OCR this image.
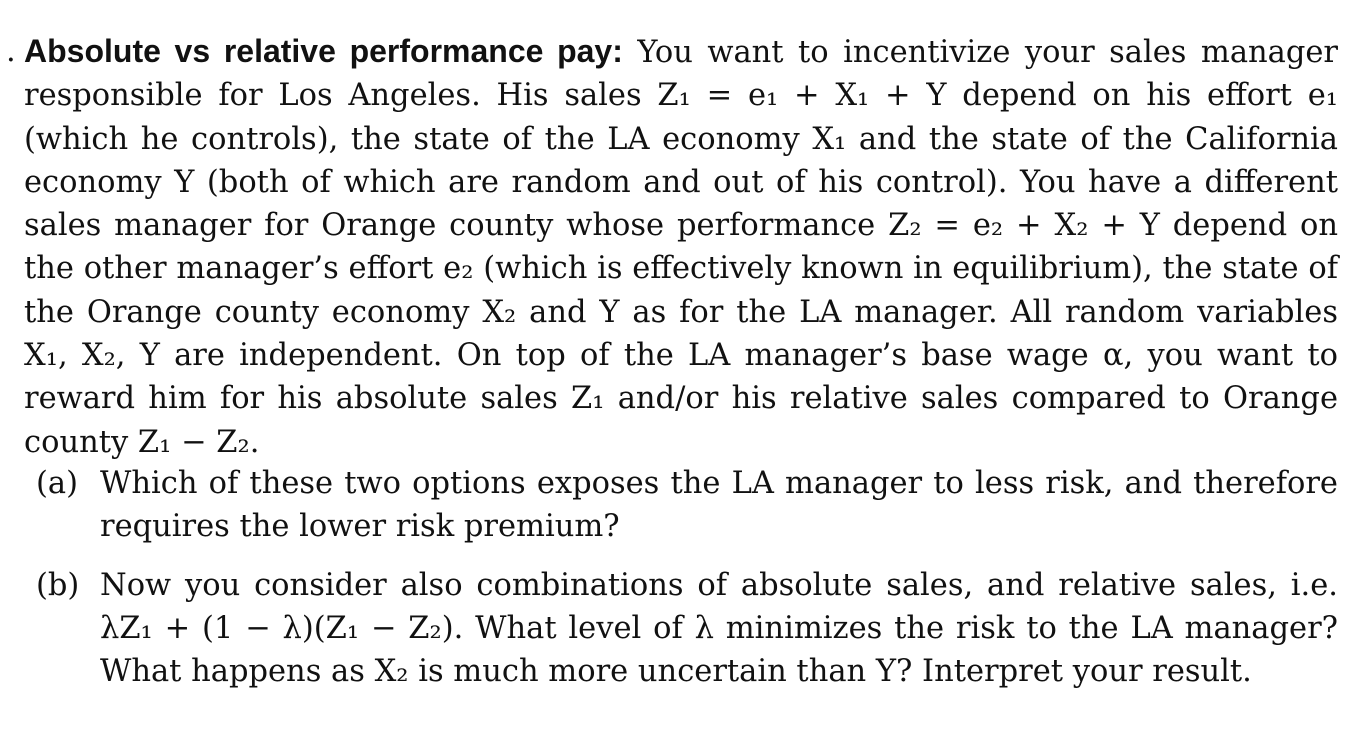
. Absolute vs relative performance pay: You want to incentivize your sales manager responsible for Los Angeles. His sales Z₁ = e₁ + X₁ + Y depend on his effort e₁ (which he controls), the state of the LA economy X₁ and the state of the California economy Y (both of which are random and out of his control). You have a different sales manager for Orange county whose performance Z₂ = e₂ + X₂ + Y depend on the other manager’s effort e₂ (which is effectively known in equilibrium), the state of the Orange county economy X₂ and Y as for the LA manager. All random variables X₁, X₂, Y are independent. On top of the LA manager’s base wage α, you want to reward him for his absolute sales Z₁ and/or his relative sales compared to Orange county Z₁ − Z₂.
(a) Which of these two options exposes the LA manager to less risk, and therefore requires the lower risk premium?
(b) Now you consider also combinations of absolute sales, and relative sales, i.e. λZ₁ + (1 − λ)(Z₁ − Z₂). What level of λ minimizes the risk to the LA manager? What happens as X₂ is much more uncertain than Y? Interpret your result.
